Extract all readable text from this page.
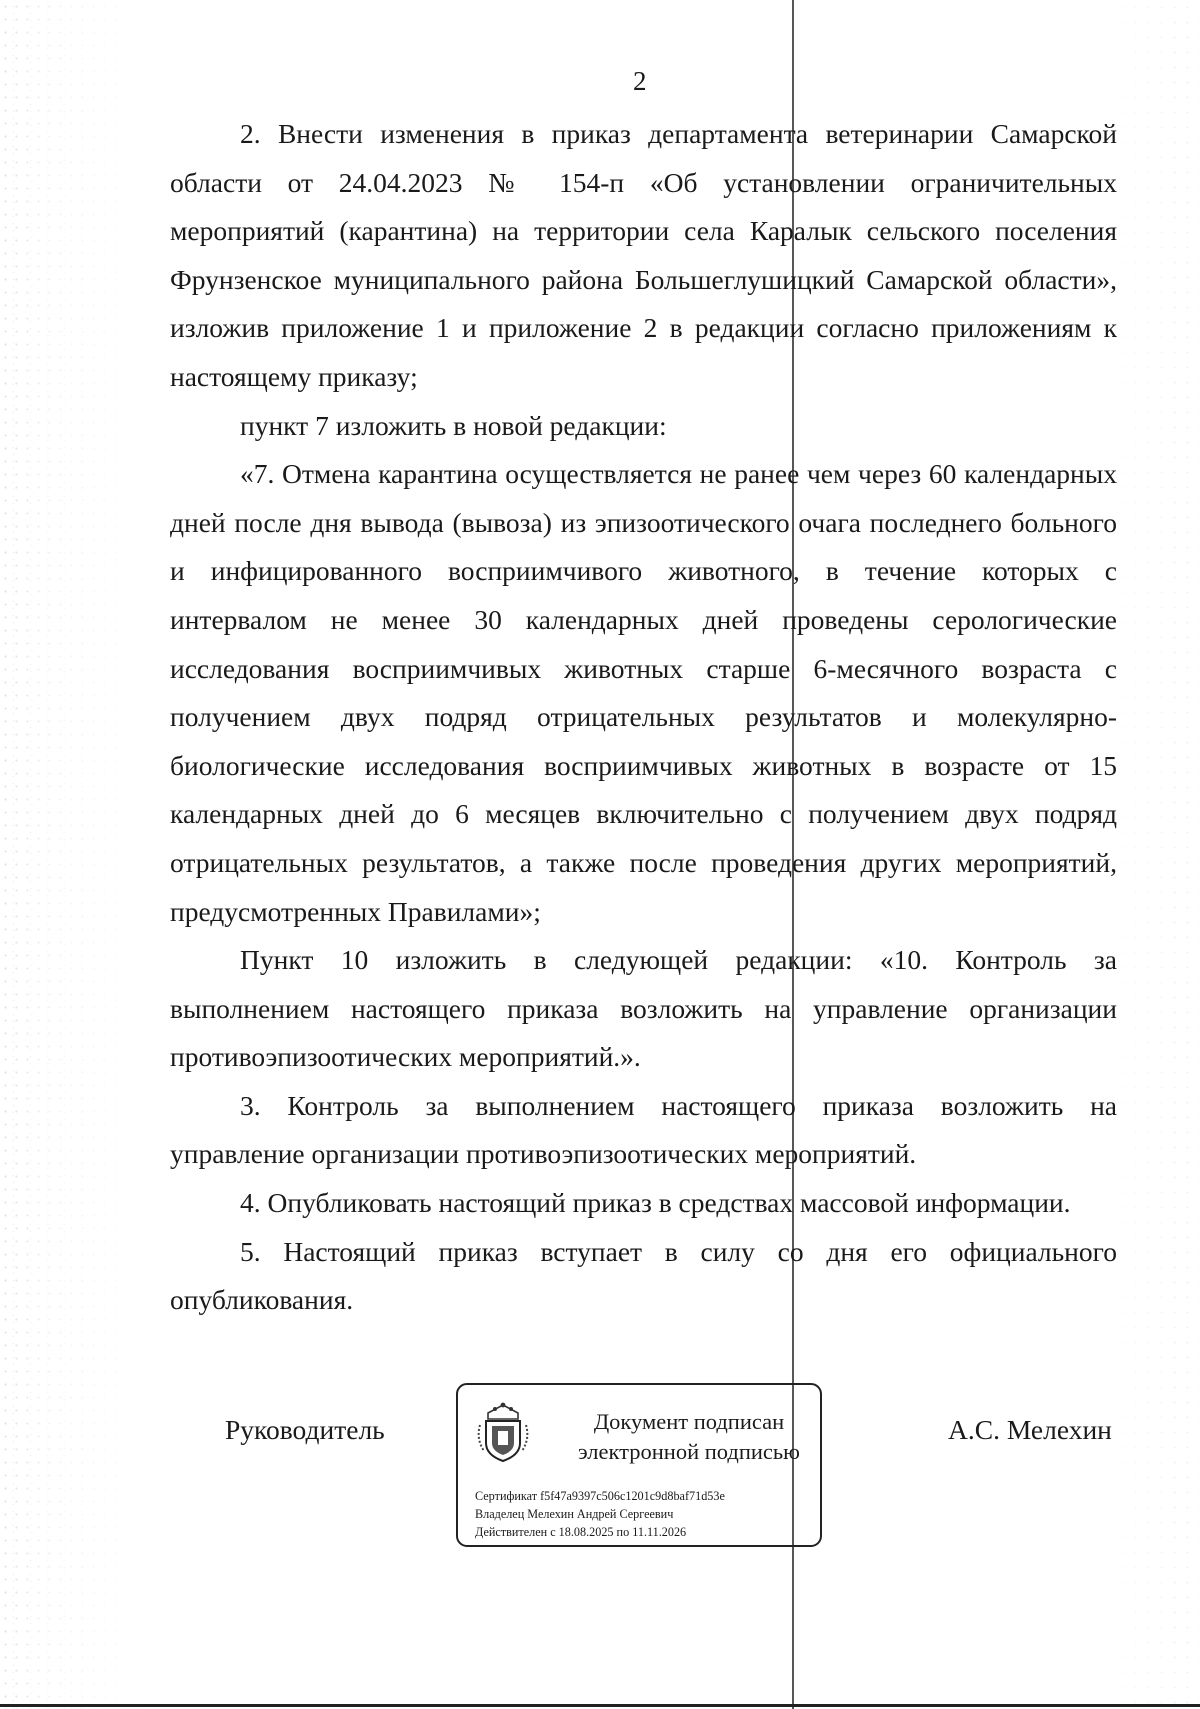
2

2. Внести изменения в приказ департамента ветеринарии Самарской области от 24.04.2023 № 154-п «Об установлении ограничительных мероприятий (карантина) на территории села Каралык сельского поселения Фрунзенское муниципального района Большеглушицкий Самарской области», изложив приложение 1 и приложение 2 в редакции согласно приложениям к настоящему приказу;

пункт 7 изложить в новой редакции:

«7. Отмена карантина осуществляется не ранее чем через 60 календарных дней после дня вывода (вывоза) из эпизоотического очага последнего больного и инфицированного восприимчивого животного, в течение которых с интервалом не менее 30 календарных дней проведены серологические исследования восприимчивых животных старше 6-месячного возраста с получением двух подряд отрицательных результатов и молекулярно-биологические исследования восприимчивых животных в возрасте от 15 календарных дней до 6 месяцев включительно с получением двух подряд отрицательных результатов, а также после проведения других мероприятий, предусмотренных Правилами»;

Пункт 10 изложить в следующей редакции: «10. Контроль за выполнением настоящего приказа возложить на управление организации противоэпизоотических мероприятий.».

3. Контроль за выполнением настоящего приказа возложить на управление организации противоэпизоотических мероприятий.

4. Опубликовать настоящий приказ в средствах массовой информации.

5. Настоящий приказ вступает в силу со дня его официального опубликования.

Руководитель	Документ подписан
электронной подписью
Сертификат f5f47a9397c506c1201c9d8baf71d53e
Владелец Мелехин Андрей Сергеевич
Действителен с 18.08.2025 по 11.11.2026
А.С. Мелехин
